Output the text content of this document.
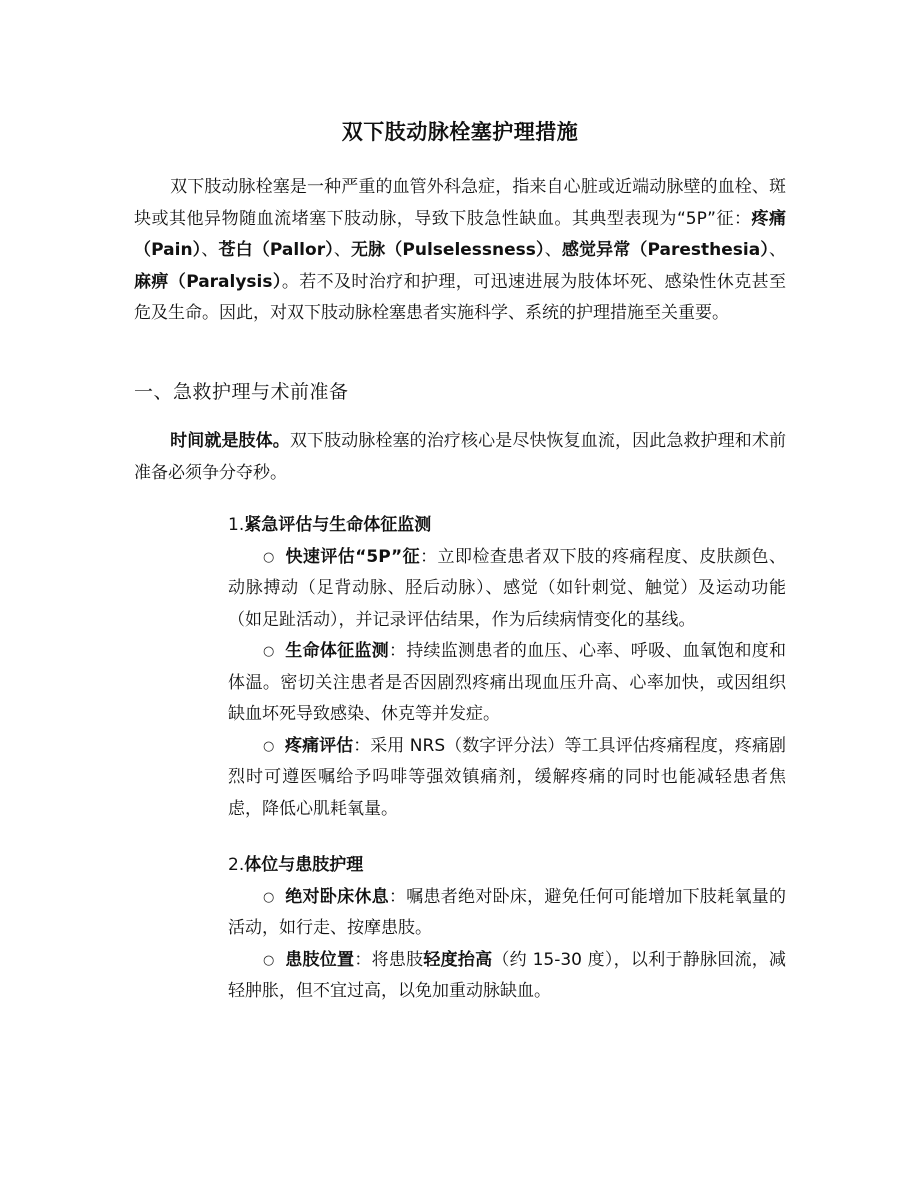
双下肢动脉栓塞护理措施
双下肢动脉栓塞是一种严重的血管外科急症，指来自心脏或近端动脉壁的血栓、斑块或其他异物随血流堵塞下肢动脉，导致下肢急性缺血。其典型表现为“5P”征：疼痛（Pain）、苍白（Pallor）、无脉（Pulselessness）、感觉异常（Paresthesia）、麻痹（Paralysis）。若不及时治疗和护理，可迅速进展为肢体坏死、感染性休克甚至危及生命。因此，对双下肢动脉栓塞患者实施科学、系统的护理措施至关重要。
一、急救护理与术前准备
时间就是肢体。双下肢动脉栓塞的治疗核心是尽快恢复血流，因此急救护理和术前准备必须争分夺秒。
1.紧急评估与生命体征监测
○ 快速评估“5P”征：立即检查患者双下肢的疼痛程度、皮肤颜色、动脉搏动（足背动脉、胫后动脉）、感觉（如针刺觉、触觉）及运动功能（如足趾活动），并记录评估结果，作为后续病情变化的基线。
○ 生命体征监测：持续监测患者的血压、心率、呼吸、血氧饱和度和体温。密切关注患者是否因剧烈疼痛出现血压升高、心率加快，或因组织缺血坏死导致感染、休克等并发症。
○ 疼痛评估：采用 NRS（数字评分法）等工具评估疼痛程度，疼痛剧烈时可遵医嘱给予吗啡等强效镇痛剂，缓解疼痛的同时也能减轻患者焦虑，降低心肌耗氧量。
2.体位与患肢护理
○ 绝对卧床休息：嘱患者绝对卧床，避免任何可能增加下肢耗氧量的活动，如行走、按摩患肢。
○ 患肢位置：将患肢轻度抬高（约 15-30 度），以利于静脉回流，减轻肿胀，但不宜过高，以免加重动脉缺血。
